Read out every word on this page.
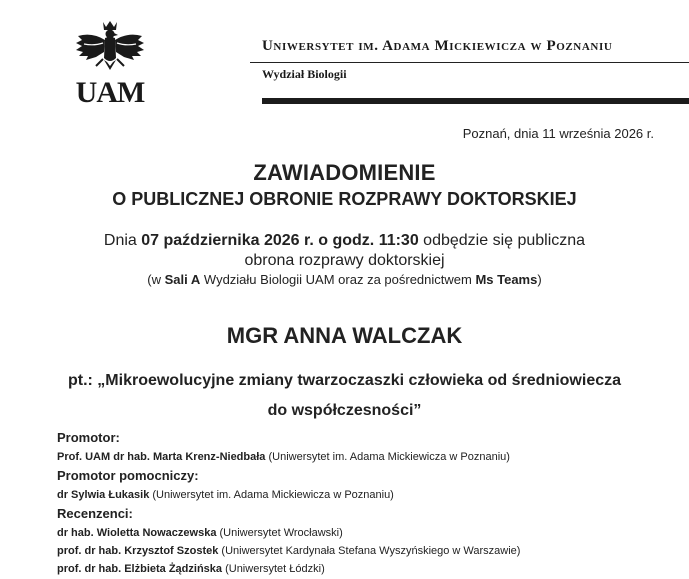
UAM
Uniwersytet im. Adama Mickiewicza w Poznaniu
Wydział Biologii
Poznań, dnia 11 września 2026 r.
ZAWIADOMIENIE
O PUBLICZNEJ OBRONIE ROZPRAWY DOKTORSKIEJ
Dnia 07 października 2026 r. o godz. 11:30 odbędzie się publiczna
obrona rozprawy doktorskiej
(w Sali A Wydziału Biologii UAM oraz za pośrednictwem Ms Teams)
MGR ANNA WALCZAK
pt.: „Mikroewolucyjne zmiany twarzoczaszki człowieka od średniowiecza
do współczesności”
Promotor:
Prof. UAM dr hab. Marta Krenz-Niedbała (Uniwersytet im. Adama Mickiewicza w Poznaniu)
Promotor pomocniczy:
dr Sylwia Łukasik (Uniwersytet im. Adama Mickiewicza w Poznaniu)
Recenzenci:
dr hab. Wioletta Nowaczewska (Uniwersytet Wrocławski)
prof. dr hab. Krzysztof Szostek (Uniwersytet Kardynała Stefana Wyszyńskiego w Warszawie)
prof. dr hab. Elżbieta Żądzińska (Uniwersytet Łódzki)
